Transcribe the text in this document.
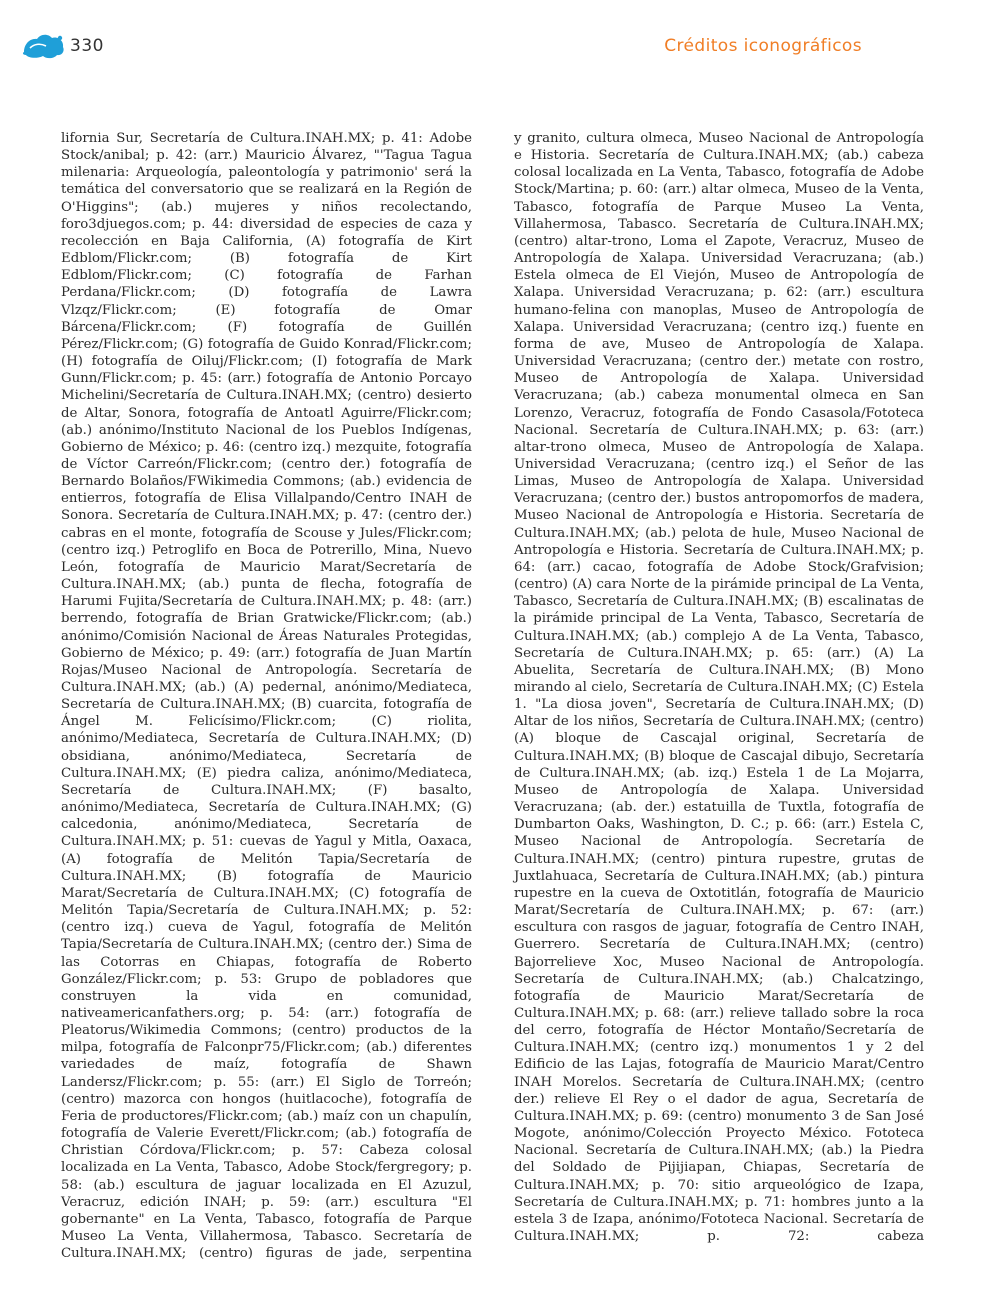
330	Créditos iconográficos

lifornia Sur, Secretaría de Cultura.INAH.MX; p. 41: Adobe Stock/anibal; p. 42: (arr.) Mauricio Álvarez, "'Tagua Tagua milenaria: Arqueología, paleontología y patrimonio' será la temática del conversatorio que se realizará en la Región de O'Higgins"; (ab.) mujeres y niños recolectando, foro3djuegos.com; p. 44: diversidad de especies de caza y recolección en Baja California, (A) fotografía de Kirt Edblom/Flickr.com; (B) fotografía de Kirt Edblom/Flickr.com; (C) fotografía de Farhan Perdana/Flickr.com; (D) fotografía de Lawra Vlzqz/Flickr.com; (E) fotografía de Omar Bárcena/Flickr.com; (F) fotografía de Guillén Pérez/Flickr.com; (G) fotografía de Guido Konrad/Flickr.com; (H) fotografía de Oiluj/Flickr.com; (I) fotografía de Mark Gunn/Flickr.com; p. 45: (arr.) fotografía de Antonio Porcayo Michelini/Secretaría de Cultura.INAH.MX; (centro) desierto de Altar, Sonora, fotografía de Antoatl Aguirre/Flickr.com; (ab.) anónimo/Instituto Nacional de los Pueblos Indígenas, Gobierno de México; p. 46: (centro izq.) mezquite, fotografía de Víctor Carreón/Flickr.com; (centro der.) fotografía de Bernardo Bolaños/FWikimedia Commons; (ab.) evidencia de entierros, fotografía de Elisa Villalpando/Centro INAH de Sonora. Secretaría de Cultura.INAH.MX; p. 47: (centro der.) cabras en el monte, fotografía de Scouse y Jules/Flickr.com; (centro izq.) Petroglifo en Boca de Potrerillo, Mina, Nuevo León, fotografía de Mauricio Marat/Secretaría de Cultura.INAH.MX; (ab.) punta de flecha, fotografía de Harumi Fujita/Secretaría de Cultura.INAH.MX; p. 48: (arr.) berrendo, fotografía de Brian Gratwicke/Flickr.com; (ab.) anónimo/Comisión Nacional de Áreas Naturales Protegidas, Gobierno de México; p. 49: (arr.) fotografía de Juan Martín Rojas/Museo Nacional de Antropología. Secretaría de Cultura.INAH.MX; (ab.) (A) pedernal, anónimo/Mediateca, Secretaría de Cultura.INAH.MX; (B) cuarcita, fotografía de Ángel M. Felicísimo/Flickr.com; (C) riolita, anónimo/Mediateca, Secretaría de Cultura.INAH.MX; (D) obsidiana, anónimo/Mediateca, Secretaría de Cultura.INAH.MX; (E) piedra caliza, anónimo/Mediateca, Secretaría de Cultura.INAH.MX; (F) basalto, anónimo/Mediateca, Secretaría de Cultura.INAH.MX; (G) calcedonia, anónimo/Mediateca, Secretaría de Cultura.INAH.MX; p. 51: cuevas de Yagul y Mitla, Oaxaca, (A) fotografía de Melitón Tapia/Secretaría de Cultura.INAH.MX; (B) fotografía de Mauricio Marat/Secretaría de Cultura.INAH.MX; (C) fotografía de Melitón Tapia/Secretaría de Cultura.INAH.MX; p. 52: (centro izq.) cueva de Yagul, fotografía de Melitón Tapia/Secretaría de Cultura.INAH.MX; (centro der.) Sima de las Cotorras en Chiapas, fotografía de Roberto González/Flickr.com; p. 53: Grupo de pobladores que construyen la vida en comunidad, nativeamericanfathers.org; p. 54: (arr.) fotografía de Pleatorus/Wikimedia Commons; (centro) productos de la milpa, fotografía de Falconpr75/Flickr.com; (ab.) diferentes variedades de maíz, fotografía de Shawn Landersz/Flickr.com; p. 55: (arr.) El Siglo de Torreón; (centro) mazorca con hongos (huitlacoche), fotografía de Feria de productores/Flickr.com; (ab.) maíz con un chapulín, fotografía de Valerie Everett/Flickr.com; (ab.) fotografía de Christian Córdova/Flickr.com; p. 57: Cabeza colosal localizada en La Venta, Tabasco, Adobe Stock/fergregory; p. 58: (ab.) escultura de jaguar localizada en El Azuzul, Veracruz, edición INAH; p. 59: (arr.) escultura "El gobernante" en La Venta, Tabasco, fotografía de Parque Museo La Venta, Villahermosa, Tabasco. Secretaría de Cultura.INAH.MX; (centro) figuras de jade, serpentina

y granito, cultura olmeca, Museo Nacional de Antropología e Historia. Secretaría de Cultura.INAH.MX; (ab.) cabeza colosal localizada en La Venta, Tabasco, fotografía de Adobe Stock/Martina; p. 60: (arr.) altar olmeca, Museo de la Venta, Tabasco, fotografía de Parque Museo La Venta, Villahermosa, Tabasco. Secretaría de Cultura.INAH.MX; (centro) altar-trono, Loma el Zapote, Veracruz, Museo de Antropología de Xalapa. Universidad Veracruzana; (ab.) Estela olmeca de El Viejón, Museo de Antropología de Xalapa. Universidad Veracruzana; p. 62: (arr.) escultura humano-felina con manoplas, Museo de Antropología de Xalapa. Universidad Veracruzana; (centro izq.) fuente en forma de ave, Museo de Antropología de Xalapa. Universidad Veracruzana; (centro der.) metate con rostro, Museo de Antropología de Xalapa. Universidad Veracruzana; (ab.) cabeza monumental olmeca en San Lorenzo, Veracruz, fotografía de Fondo Casasola/Fototeca Nacional. Secretaría de Cultura.INAH.MX; p. 63: (arr.) altar-trono olmeca, Museo de Antropología de Xalapa. Universidad Veracruzana; (centro izq.) el Señor de las Limas, Museo de Antropología de Xalapa. Universidad Veracruzana; (centro der.) bustos antropomorfos de madera, Museo Nacional de Antropología e Historia. Secretaría de Cultura.INAH.MX; (ab.) pelota de hule, Museo Nacional de Antropología e Historia. Secretaría de Cultura.INAH.MX; p. 64: (arr.) cacao, fotografía de Adobe Stock/Grafvision; (centro) (A) cara Norte de la pirámide principal de La Venta, Tabasco, Secretaría de Cultura.INAH.MX; (B) escalinatas de la pirámide principal de La Venta, Tabasco, Secretaría de Cultura.INAH.MX; (ab.) complejo A de La Venta, Tabasco, Secretaría de Cultura.INAH.MX; p. 65: (arr.) (A) La Abuelita, Secretaría de Cultura.INAH.MX; (B) Mono mirando al cielo, Secretaría de Cultura.INAH.MX; (C) Estela 1. "La diosa joven", Secretaría de Cultura.INAH.MX; (D) Altar de los niños, Secretaría de Cultura.INAH.MX; (centro) (A) bloque de Cascajal original, Secretaría de Cultura.INAH.MX; (B) bloque de Cascajal dibujo, Secretaría de Cultura.INAH.MX; (ab. izq.) Estela 1 de La Mojarra, Museo de Antropología de Xalapa. Universidad Veracruzana; (ab. der.) estatuilla de Tuxtla, fotografía de Dumbarton Oaks, Washington, D. C.; p. 66: (arr.) Estela C, Museo Nacional de Antropología. Secretaría de Cultura.INAH.MX; (centro) pintura rupestre, grutas de Juxtlahuaca, Secretaría de Cultura.INAH.MX; (ab.) pintura rupestre en la cueva de Oxtotitlán, fotografía de Mauricio Marat/Secretaría de Cultura.INAH.MX; p. 67: (arr.) escultura con rasgos de jaguar, fotografía de Centro INAH, Guerrero. Secretaría de Cultura.INAH.MX; (centro) Bajorrelieve Xoc, Museo Nacional de Antropología. Secretaría de Cultura.INAH.MX; (ab.) Chalcatzingo, fotografía de Mauricio Marat/Secretaría de Cultura.INAH.MX; p. 68: (arr.) relieve tallado sobre la roca del cerro, fotografía de Héctor Montaño/Secretaría de Cultura.INAH.MX; (centro izq.) monumentos 1 y 2 del Edificio de las Lajas, fotografía de Mauricio Marat/Centro INAH Morelos. Secretaría de Cultura.INAH.MX; (centro der.) relieve El Rey o el dador de agua, Secretaría de Cultura.INAH.MX; p. 69: (centro) monumento 3 de San José Mogote, anónimo/Colección Proyecto México. Fototeca Nacional. Secretaría de Cultura.INAH.MX; (ab.) la Piedra del Soldado de Pijijiapan, Chiapas, Secretaría de Cultura.INAH.MX; p. 70: sitio arqueológico de Izapa, Secretaría de Cultura.INAH.MX; p. 71: hombres junto a la estela 3 de Izapa, anónimo/Fototeca Nacional. Secretaría de Cultura.INAH.MX; p. 72: cabeza
